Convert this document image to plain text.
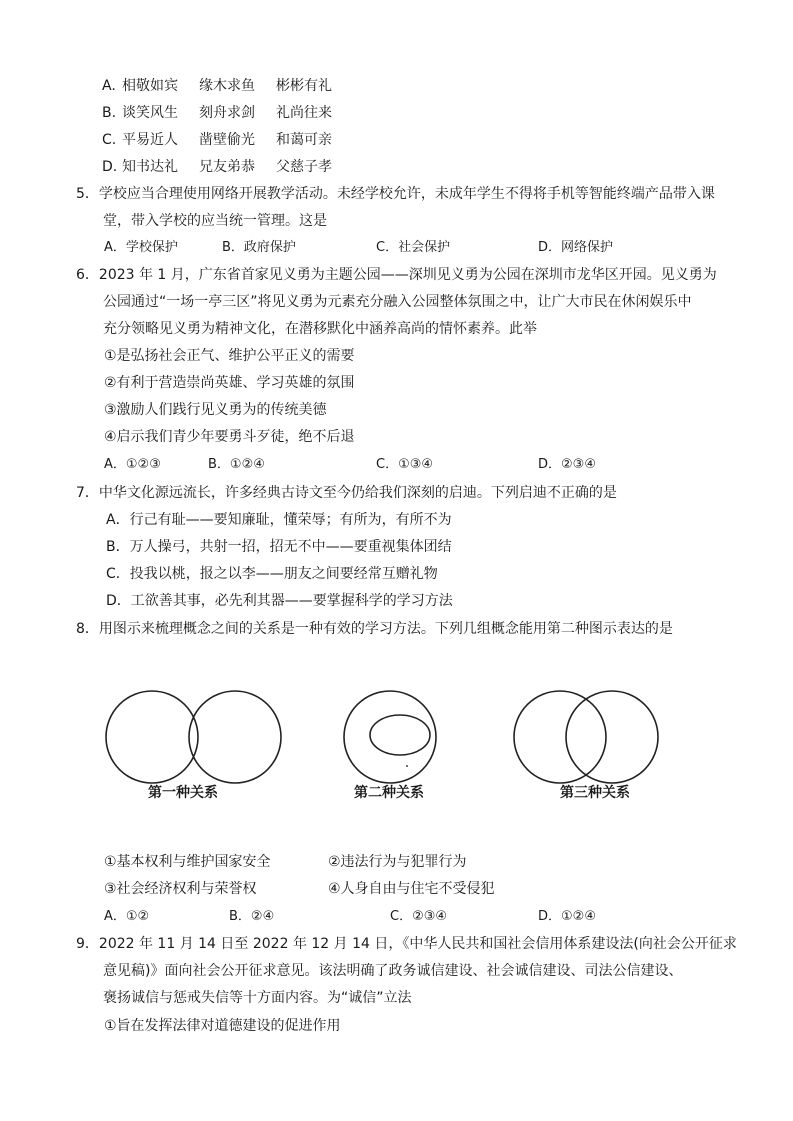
A. 相敬如宾 缘木求鱼 彬彬有礼
B. 谈笑风生 刻舟求剑 礼尚往来
C. 平易近人 凿壁偷光 和蔼可亲
D. 知书达礼 兄友弟恭 父慈子孝
5．学校应当合理使用网络开展教学活动。未经学校允许，未成年学生不得将手机等智能终端产品带入课
堂，带入学校的应当统一管理。这是
A．学校保护	B．政府保护	C．社会保护	D．网络保护
6．2023 年 1 月，广东省首家见义勇为主题公园——深圳见义勇为公园在深圳市龙华区开园。见义勇为
公园通过“一场一亭三区”将见义勇为元素充分融入公园整体氛围之中，让广大市民在休闲娱乐中
充分领略见义勇为精神文化，在潜移默化中涵养高尚的情怀素养。此举
①是弘扬社会正气、维护公平正义的需要
②有利于营造崇尚英雄、学习英雄的氛围
③激励人们践行见义勇为的传统美德
④启示我们青少年要勇斗歹徒，绝不后退
A．①②③	B．①②④	C．①③④	D．②③④
7．中华文化源远流长，许多经典古诗文至今仍给我们深刻的启迪。下列启迪不正确的是
A．行己有耻——要知廉耻，懂荣辱；有所为，有所不为
B．万人操弓，共射一招，招无不中——要重视集体团结
C．投我以桃，报之以李——朋友之间要经常互赠礼物
D．工欲善其事，必先利其器——要掌握科学的学习方法
8．用图示来梳理概念之间的关系是一种有效的学习方法。下列几组概念能用第二种图示表达的是
第一种关系	第二种关系	第三种关系
①基本权利与维护国家安全	②违法行为与犯罪行为
③社会经济权利与荣誉权	④人身自由与住宅不受侵犯
A．①②	B．②④	C．②③④	D．①②④
9．2022 年 11 月 14 日至 2022 年 12 月 14 日，《中华人民共和国社会信用体系建设法(向社会公开征求
意见稿)》面向社会公开征求意见。该法明确了政务诚信建设、社会诚信建设、司法公信建设、
褒扬诚信与惩戒失信等十方面内容。为“诚信”立法
①旨在发挥法律对道德建设的促进作用
